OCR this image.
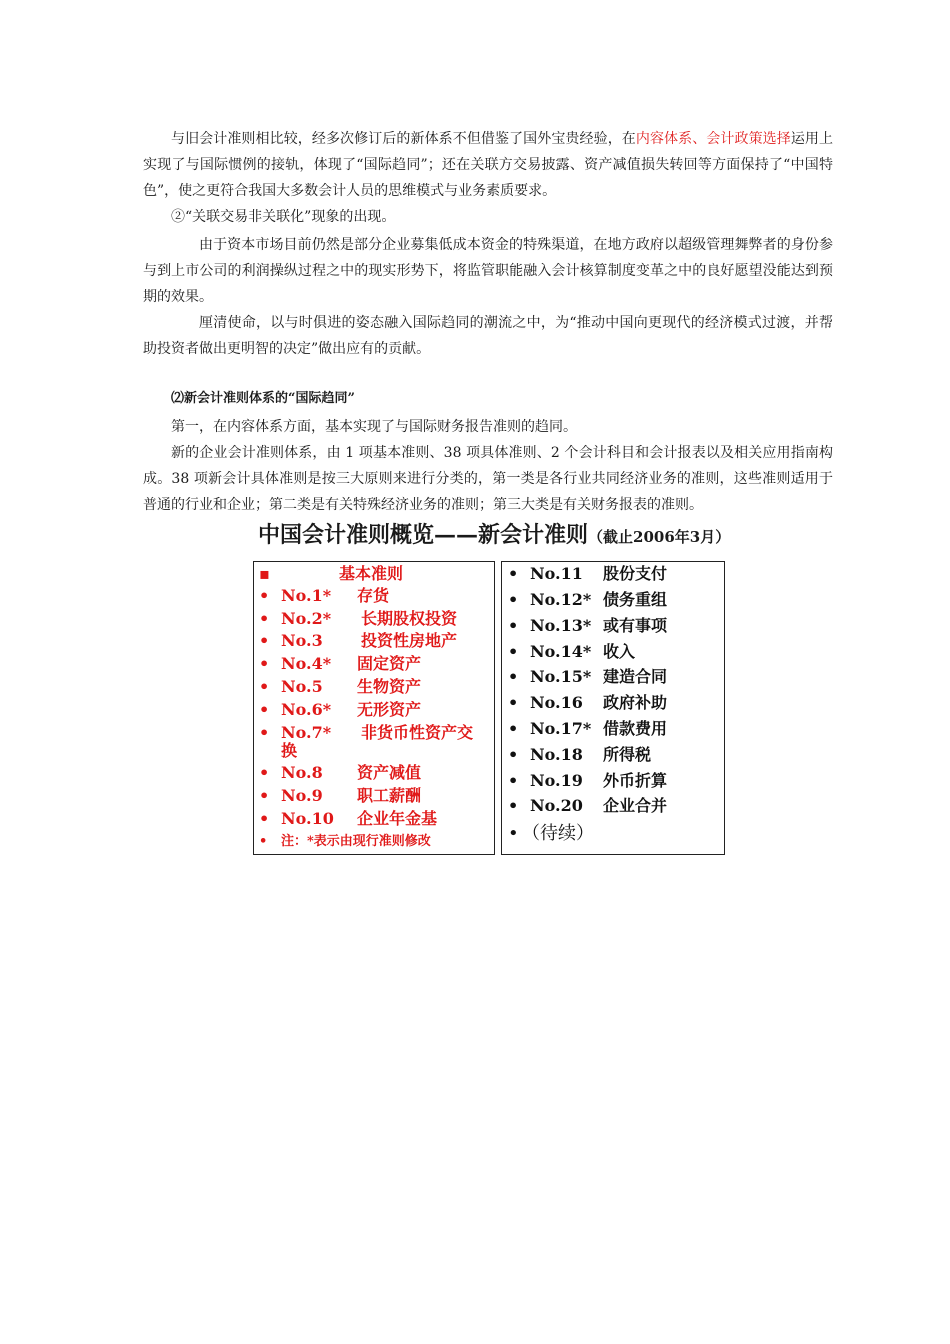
与旧会计准则相比较，经多次修订后的新体系不但借鉴了国外宝贵经验，在内容体系、会计政策选择运用上实现了与国际惯例的接轨，体现了“国际趋同”；还在关联方交易披露、资产减值损失转回等方面保持了“中国特色”，使之更符合我国大多数会计人员的思维模式与业务素质要求。

②“关联交易非关联化”现象的出现。

由于资本市场目前仍然是部分企业募集低成本资金的特殊渠道，在地方政府以超级管理舞弊者的身份参与到上市公司的利润操纵过程之中的现实形势下，将监管职能融入会计核算制度变革之中的良好愿望没能达到预期的效果。

厘清使命，以与时俱进的姿态融入国际趋同的潮流之中，为“推动中国向更现代的经济模式过渡，并帮助投资者做出更明智的决定”做出应有的贡献。

⑵新会计准则体系的“国际趋同”

第一，在内容体系方面，基本实现了与国际财务报告准则的趋同。

新的企业会计准则体系，由 1 项基本准则、38 项具体准则、2 个会计科目和会计报表以及相关应用指南构成。38 项新会计具体准则是按三大原则来进行分类的，第一类是各行业共同经济业务的准则，这些准则适用于普通的行业和企业；第二类是有关特殊经济业务的准则；第三大类是有关财务报表的准则。

中国会计准则概览——新会计准则（截止2006年3月）
▪	基本准则
• No.1* 存货
• No.2* 长期股权投资
• No.3 投资性房地产
• No.4* 固定资产
• No.5 生物资产
• No.6* 无形资产
• No.7* 非货币性资产交
换
• No.8 资产减值
• No.9 职工薪酬
• No.10 企业年金基
• 注：*表示由现行准则修改
• No.11 股份支付
• No.12* 债务重组
• No.13* 或有事项
• No.14* 收入
• No.15* 建造合同
• No.16 政府补助
• No.17* 借款费用
• No.18 所得税
• No.19 外币折算
• No.20 企业合并
• （待续）
